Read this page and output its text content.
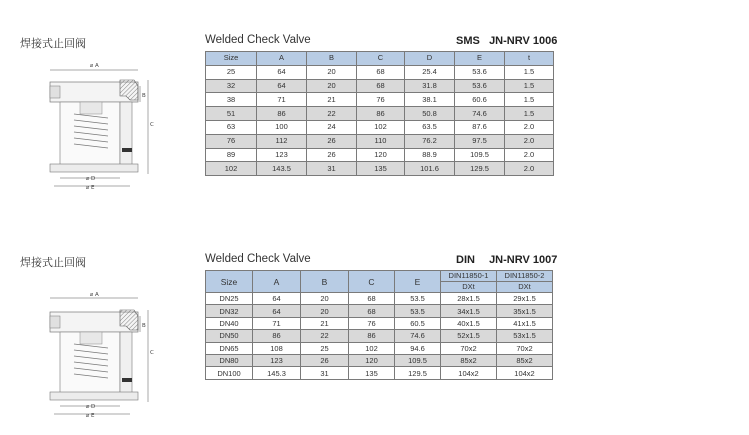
焊接式止回阀
⌀ A
B
C
⌀ D
⌀ E
Welded Check Valve	SMS JN-NRV 1006
Size	A	B	C	D	E	t
25	64	20	68	25.4	53.6	1.5
32	64	20	68	31.8	53.6	1.5
38	71	21	76	38.1	60.6	1.5
51	86	22	86	50.8	74.6	1.5
63	100	24	102	63.5	87.6	2.0
76	112	26	110	76.2	97.5	2.0
89	123	26	120	88.9	109.5	2.0
102	143.5	31	135	101.6	129.5	2.0
焊接式止回阀
⌀ A
B
C
⌀ D
⌀ E
Welded Check Valve	DIN JN-NRV 1007
Size	A	B	C	E	DIN11850-1	DIN11850-2
					DXt	DXt
DN25	64	20	68	53.5	28x1.5	29x1.5
DN32	64	20	68	53.5	34x1.5	35x1.5
DN40	71	21	76	60.5	40x1.5	41x1.5
DN50	86	22	86	74.6	52x1.5	53x1.5
DN65	108	25	102	94.6	70x2	70x2
DN80	123	26	120	109.5	85x2	85x2
DN100	145.3	31	135	129.5	104x2	104x2
